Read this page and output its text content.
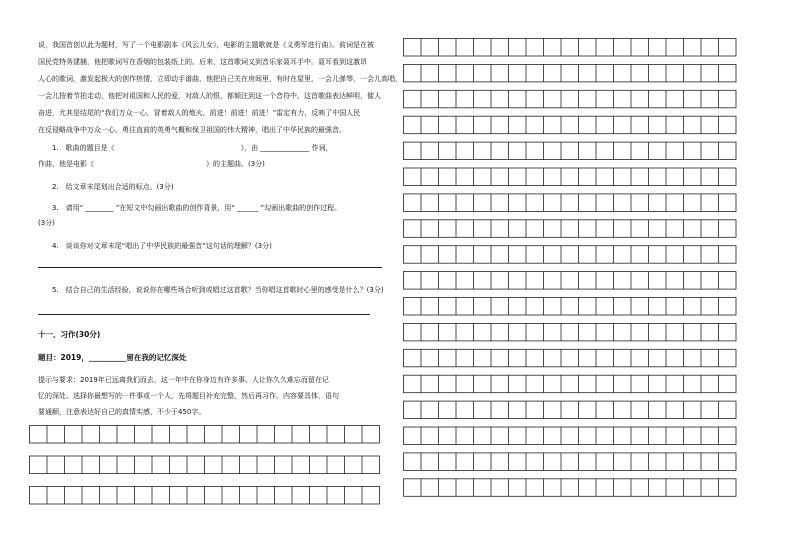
说，我国首创以此为题材，写了一个电影剧本《风云儿女》，电影的主题歌就是《义勇军进行曲》。前词是在被
国民党特务逮捕，他把歌词写在香烟的包装纸上的。后来，这首歌词又到音乐家聂耳手中。聂耳看到这激昂
人心的歌词，激发起极大的创作热情，立即动手谱曲，他把自己关在房间里，有时在屋里，一会儿弹琴，一会儿高唱，
一会儿按着节拍走动，他把对祖国和人民的爱，对敌人的恨，都倾注到这一个音符中。这首歌曲表达鲜明，催人
奋进，尤其是结尾的“我们万众一心，冒着敌人的炮火，前进！前进！前进！”雷定有力，反映了中国人民
在反侵略战争中万众一心、勇往直前的英勇气概和保卫祖国的伟大精神，唱出了中华民族的最强音。
1.　歌曲的题目是《　　　　　　　　　　　　　　　　　　》，由 ______________ 作词，
作曲，他是电影《　　　　　　　　　　　　　　　　》的主题曲。(3分)
2.　给文章末尾划出合适的标点。(3分)
3.　请用“ ________ ”在短文中勾画出歌曲的创作背景，用“ ______ ”勾画出歌曲的创作过程。
(3分)
4.　谈谈你对文章末尾“唱出了中华民族的最强音”这句话的理解？(3分)
5.　结合自己的生活经验，说说你在哪些场合听到或唱过这首歌？当你唱这首歌时心里的感受是什么？(3分)
十一、习作(30分)
题目：2019，__________留在我的记忆深处
提示与要求：2019年已远离我们而去，这一年中在你身边有许多事、人让你久久难忘而留在记
忆的深处。选择你最想写的一件事或一个人，先将题目补充完整，然后再习作。内容要具体，语句
要通顺，注意表达好自己的真情实感，不少于450字。
